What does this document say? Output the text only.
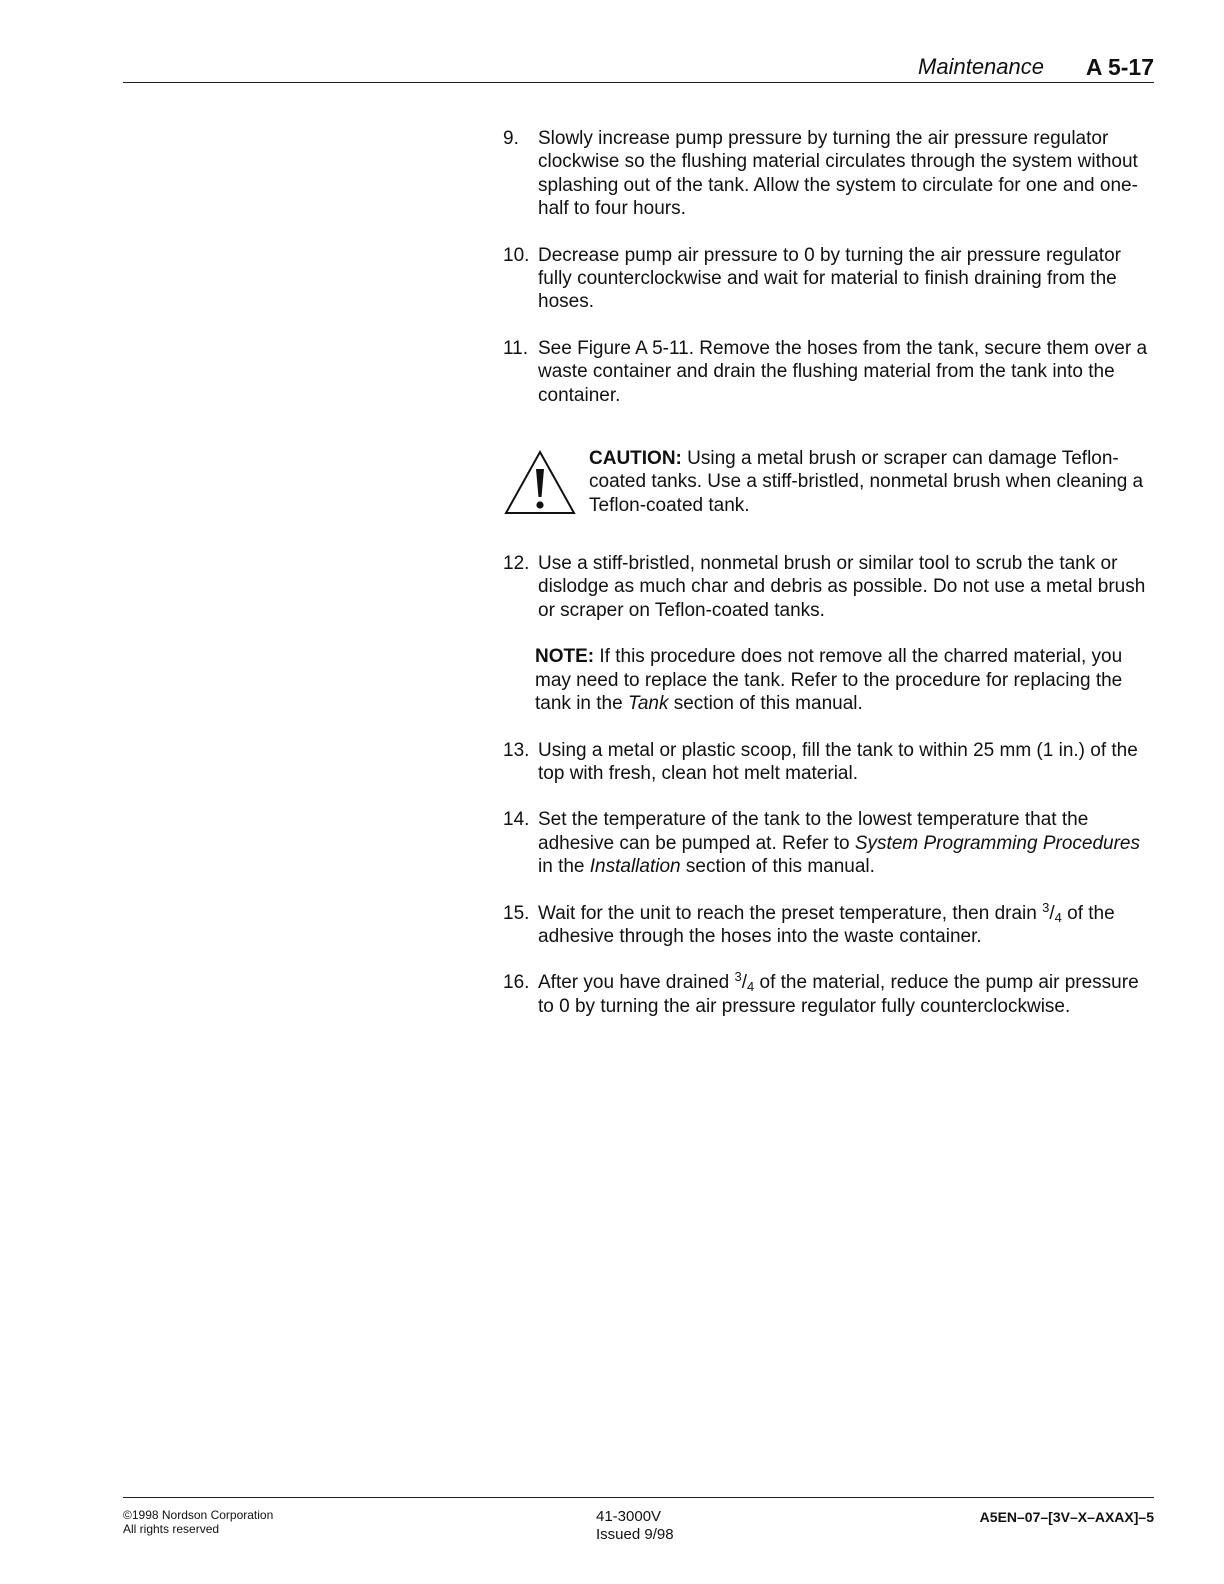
Maintenance A 5-17
9.	Slowly increase pump pressure by turning the air pressure regulator clockwise so the flushing material circulates through the system without splashing out of the tank. Allow the system to circulate for one and one-half to four hours.
10. Decrease pump air pressure to 0 by turning the air pressure regulator fully counterclockwise and wait for material to finish draining from the hoses.
11. See Figure A 5-11. Remove the hoses from the tank, secure them over a waste container and drain the flushing material from the tank into the container.
CAUTION: Using a metal brush or scraper can damage Teflon-coated tanks. Use a stiff-bristled, nonmetal brush when cleaning a Teflon-coated tank.
12. Use a stiff-bristled, nonmetal brush or similar tool to scrub the tank or dislodge as much char and debris as possible. Do not use a metal brush or scraper on Teflon-coated tanks.
NOTE: If this procedure does not remove all the charred material, you may need to replace the tank. Refer to the procedure for replacing the tank in the Tank section of this manual.
13. Using a metal or plastic scoop, fill the tank to within 25 mm (1 in.) of the top with fresh, clean hot melt material.
14. Set the temperature of the tank to the lowest temperature that the adhesive can be pumped at. Refer to System Programming Procedures in the Installation section of this manual.
15. Wait for the unit to reach the preset temperature, then drain $^3/_4$ of the adhesive through the hoses into the waste container.
16. After you have drained $^3/_4$ of the material, reduce the pump air pressure to 0 by turning the air pressure regulator fully counterclockwise.
©1998 Nordson Corporation
All rights reserved
41-3000V
Issued 9/98
A5EN–07–[3V–X–AXAX]–5
